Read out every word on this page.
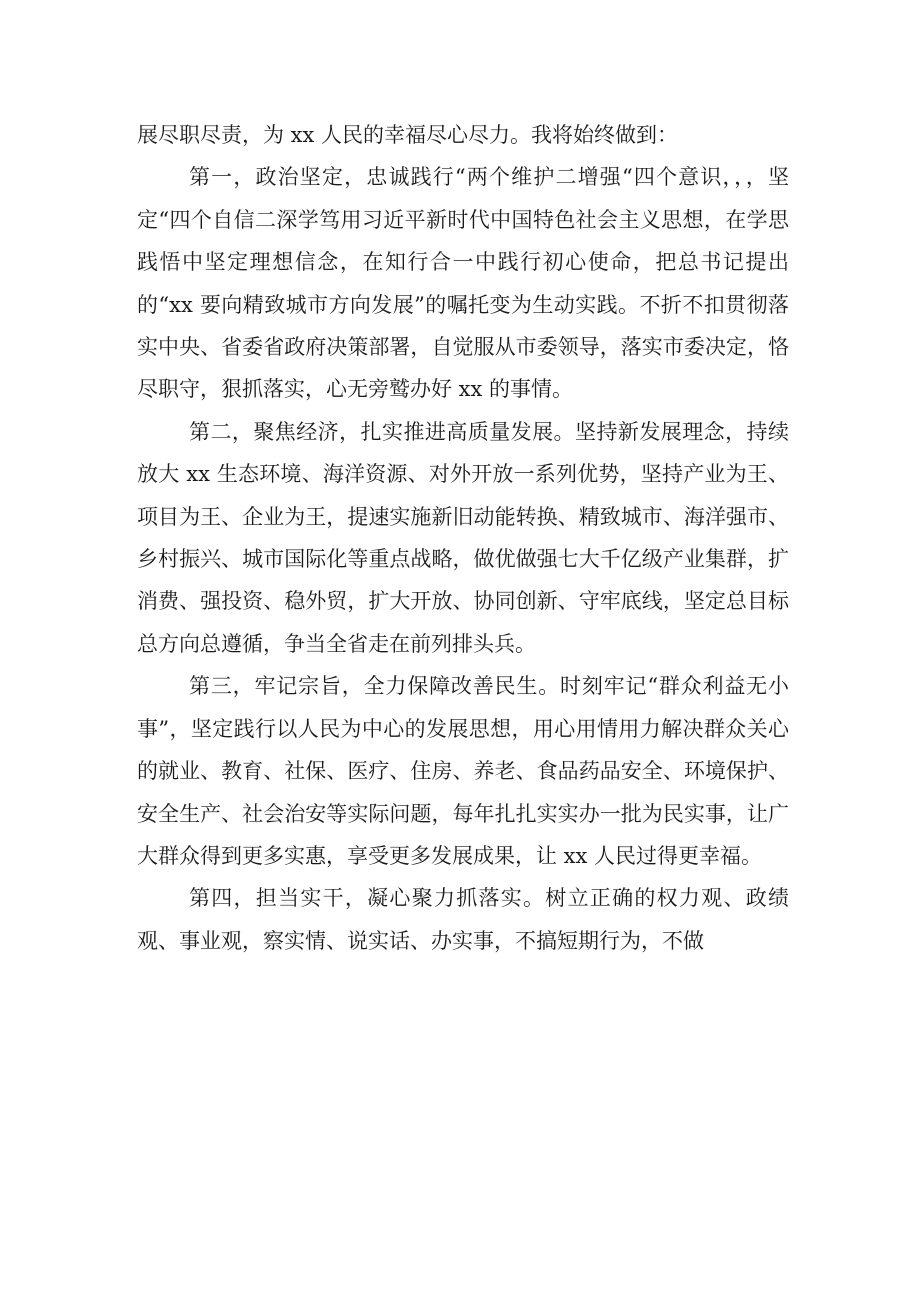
展尽职尽责，为 xx 人民的幸福尽心尽力。我将始终做到：

第一，政治坚定，忠诚践行“两个维护二增强“四个意识，，，坚定“四个自信二深学笃用习近平新时代中国特色社会主义思想，在学思践悟中坚定理想信念，在知行合一中践行初心使命，把总书记提出的“xx 要向精致城市方向发展”的嘱托变为生动实践。不折不扣贯彻落实中央、省委省政府决策部署，自觉服从市委领导，落实市委决定，恪尽职守，狠抓落实，心无旁鹫办好 xx 的事情。

第二，聚焦经济，扎实推进高质量发展。坚持新发展理念，持续放大 xx 生态环境、海洋资源、对外开放一系列优势，坚持产业为王、项目为王、企业为王，提速实施新旧动能转换、精致城市、海洋强市、乡村振兴、城市国际化等重点战略，做优做强七大千亿级产业集群，扩消费、强投资、稳外贸，扩大开放、协同创新、守牢底线，坚定总目标总方向总遵循，争当全省走在前列排头兵。

第三，牢记宗旨，全力保障改善民生。时刻牢记“群众利益无小事”，坚定践行以人民为中心的发展思想，用心用情用力解决群众关心的就业、教育、社保、医疗、住房、养老、食品药品安全、环境保护、安全生产、社会治安等实际问题，每年扎扎实实办一批为民实事，让广大群众得到更多实惠，享受更多发展成果，让 xx 人民过得更幸福。

第四，担当实干，凝心聚力抓落实。树立正确的权力观、政绩观、事业观，察实情、说实话、办实事，不搞短期行为，不做
